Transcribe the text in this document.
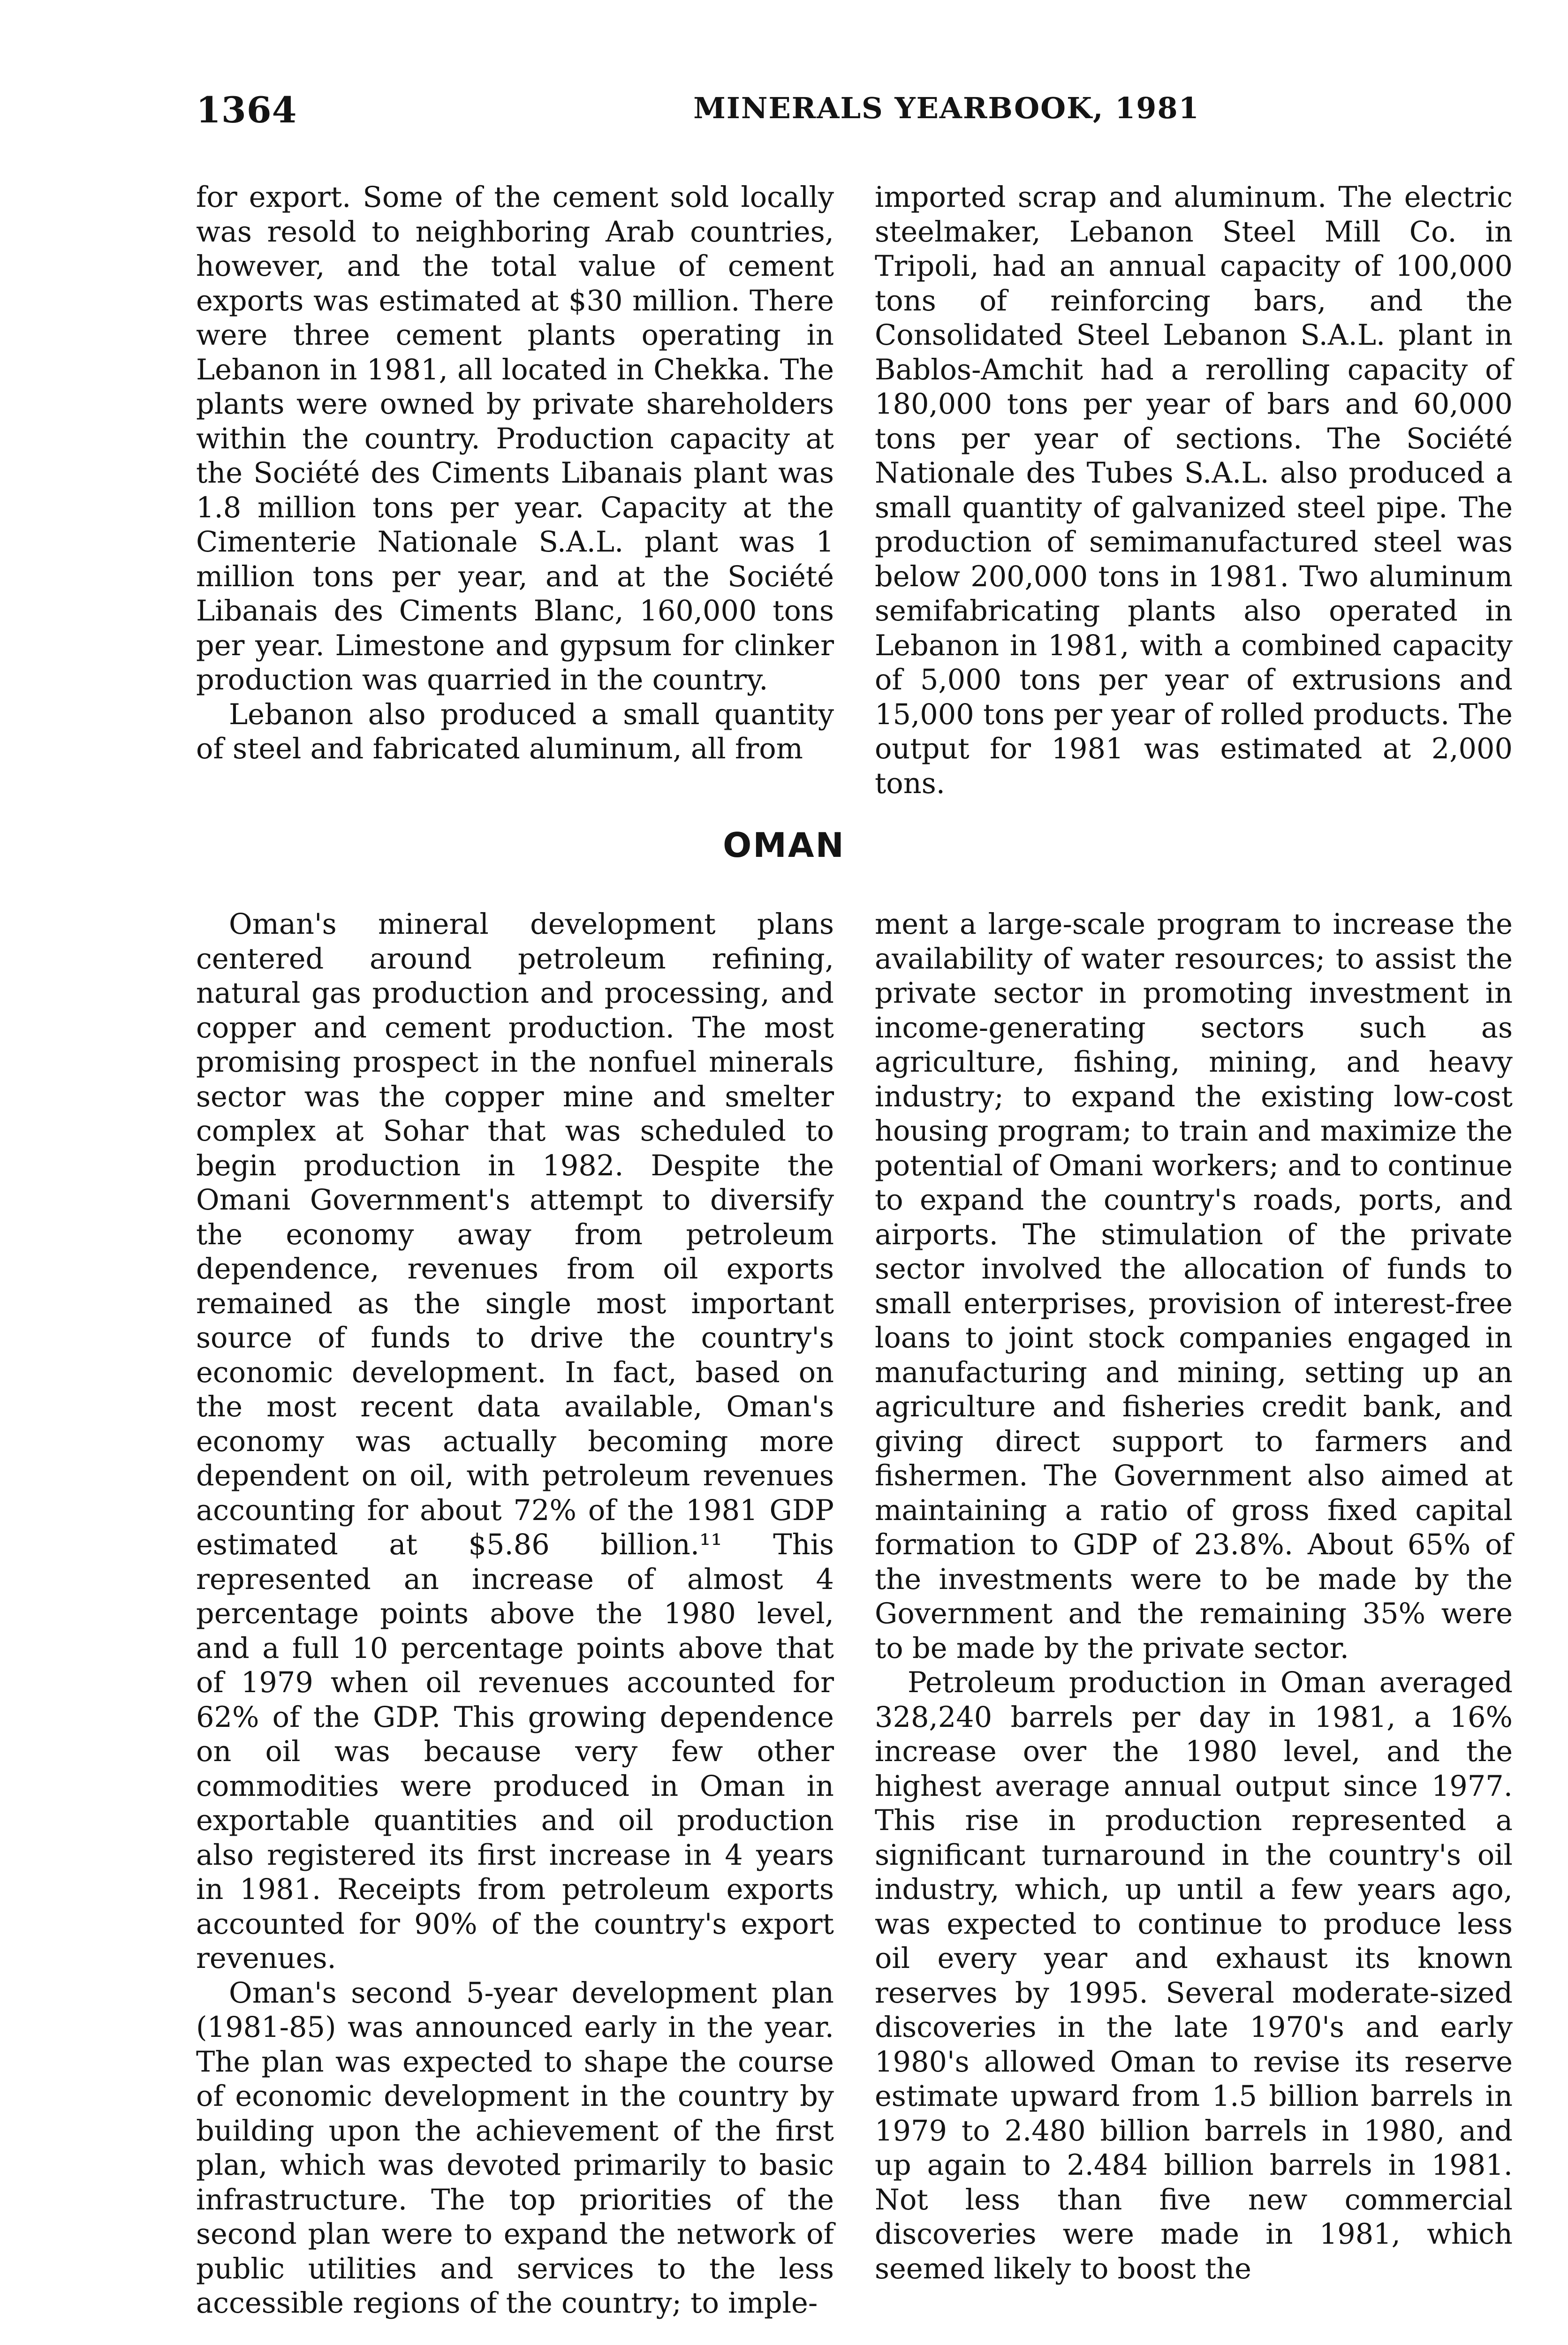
1364	MINERALS YEARBOOK, 1981

for export. Some of the cement sold locally was resold to neighboring Arab countries, however, and the total value of cement exports was estimated at $30 million. There were three cement plants operating in Lebanon in 1981, all located in Chekka. The plants were owned by private shareholders within the country. Production capacity at the Société des Ciments Libanais plant was 1.8 million tons per year. Capacity at the Cimenterie Nationale S.A.L. plant was 1 million tons per year, and at the Société Libanais des Ciments Blanc, 160,000 tons per year. Limestone and gypsum for clinker production was quarried in the country.

Lebanon also produced a small quantity of steel and fabricated aluminum, all from

imported scrap and aluminum. The electric steelmaker, Lebanon Steel Mill Co. in Tripoli, had an annual capacity of 100,000 tons of reinforcing bars, and the Consolidated Steel Lebanon S.A.L. plant in Bablos-Amchit had a rerolling capacity of 180,000 tons per year of bars and 60,000 tons per year of sections. The Société Nationale des Tubes S.A.L. also produced a small quantity of galvanized steel pipe. The production of semimanufactured steel was below 200,000 tons in 1981. Two aluminum semifabricating plants also operated in Lebanon in 1981, with a combined capacity of 5,000 tons per year of extrusions and 15,000 tons per year of rolled products. The output for 1981 was estimated at 2,000 tons.

OMAN

Oman's mineral development plans centered around petroleum refining, natural gas production and processing, and copper and cement production. The most promising prospect in the nonfuel minerals sector was the copper mine and smelter complex at Sohar that was scheduled to begin production in 1982. Despite the Omani Government's attempt to diversify the economy away from petroleum dependence, revenues from oil exports remained as the single most important source of funds to drive the country's economic development. In fact, based on the most recent data available, Oman's economy was actually becoming more dependent on oil, with petroleum revenues accounting for about 72% of the 1981 GDP estimated at $5.86 billion.¹¹ This represented an increase of almost 4 percentage points above the 1980 level, and a full 10 percentage points above that of 1979 when oil revenues accounted for 62% of the GDP. This growing dependence on oil was because very few other commodities were produced in Oman in exportable quantities and oil production also registered its first increase in 4 years in 1981. Receipts from petroleum exports accounted for 90% of the country's export revenues.

Oman's second 5-year development plan (1981-85) was announced early in the year. The plan was expected to shape the course of economic development in the country by building upon the achievement of the first plan, which was devoted primarily to basic infrastructure. The top priorities of the second plan were to expand the network of public utilities and services to the less accessible regions of the country; to imple-

ment a large-scale program to increase the availability of water resources; to assist the private sector in promoting investment in income-generating sectors such as agriculture, fishing, mining, and heavy industry; to expand the existing low-cost housing program; to train and maximize the potential of Omani workers; and to continue to expand the country's roads, ports, and airports. The stimulation of the private sector involved the allocation of funds to small enterprises, provision of interest-free loans to joint stock companies engaged in manufacturing and mining, setting up an agriculture and fisheries credit bank, and giving direct support to farmers and fishermen. The Government also aimed at maintaining a ratio of gross fixed capital formation to GDP of 23.8%. About 65% of the investments were to be made by the Government and the remaining 35% were to be made by the private sector.

Petroleum production in Oman averaged 328,240 barrels per day in 1981, a 16% increase over the 1980 level, and the highest average annual output since 1977. This rise in production represented a significant turnaround in the country's oil industry, which, up until a few years ago, was expected to continue to produce less oil every year and exhaust its known reserves by 1995. Several moderate-sized discoveries in the late 1970's and early 1980's allowed Oman to revise its reserve estimate upward from 1.5 billion barrels in 1979 to 2.480 billion barrels in 1980, and up again to 2.484 billion barrels in 1981. Not less than five new commercial discoveries were made in 1981, which seemed likely to boost the
